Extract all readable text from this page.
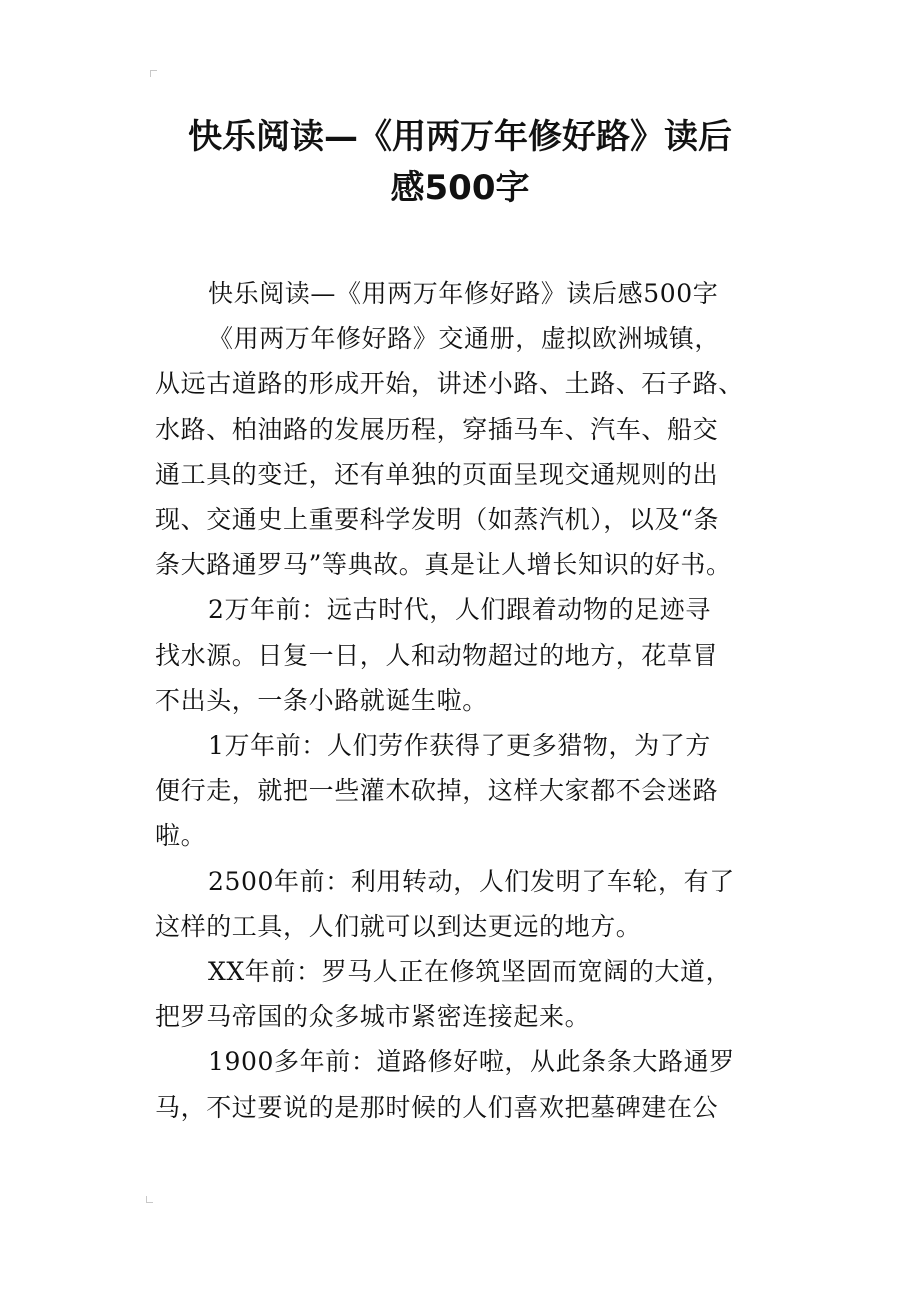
快乐阅读—《用两万年修好路》读后
感500字

快乐阅读—《用两万年修好路》读后感500字

《用两万年修好路》交通册，虚拟欧洲城镇，
从远古道路的形成开始，讲述小路、土路、石子路、
水路、柏油路的发展历程，穿插马车、汽车、船交
通工具的变迁，还有单独的页面呈现交通规则的出
现、交通史上重要科学发明（如蒸汽机），以及“条
条大路通罗马”等典故。真是让人增长知识的好书。

2万年前：远古时代，人们跟着动物的足迹寻
找水源。日复一日，人和动物超过的地方，花草冒
不出头，一条小路就诞生啦。

1万年前：人们劳作获得了更多猎物，为了方
便行走，就把一些灌木砍掉，这样大家都不会迷路
啦。

2500年前：利用转动，人们发明了车轮，有了
这样的工具，人们就可以到达更远的地方。

XX年前：罗马人正在修筑坚固而宽阔的大道，
把罗马帝国的众多城市紧密连接起来。

1900多年前：道路修好啦，从此条条大路通罗
马，不过要说的是那时候的人们喜欢把墓碑建在公
